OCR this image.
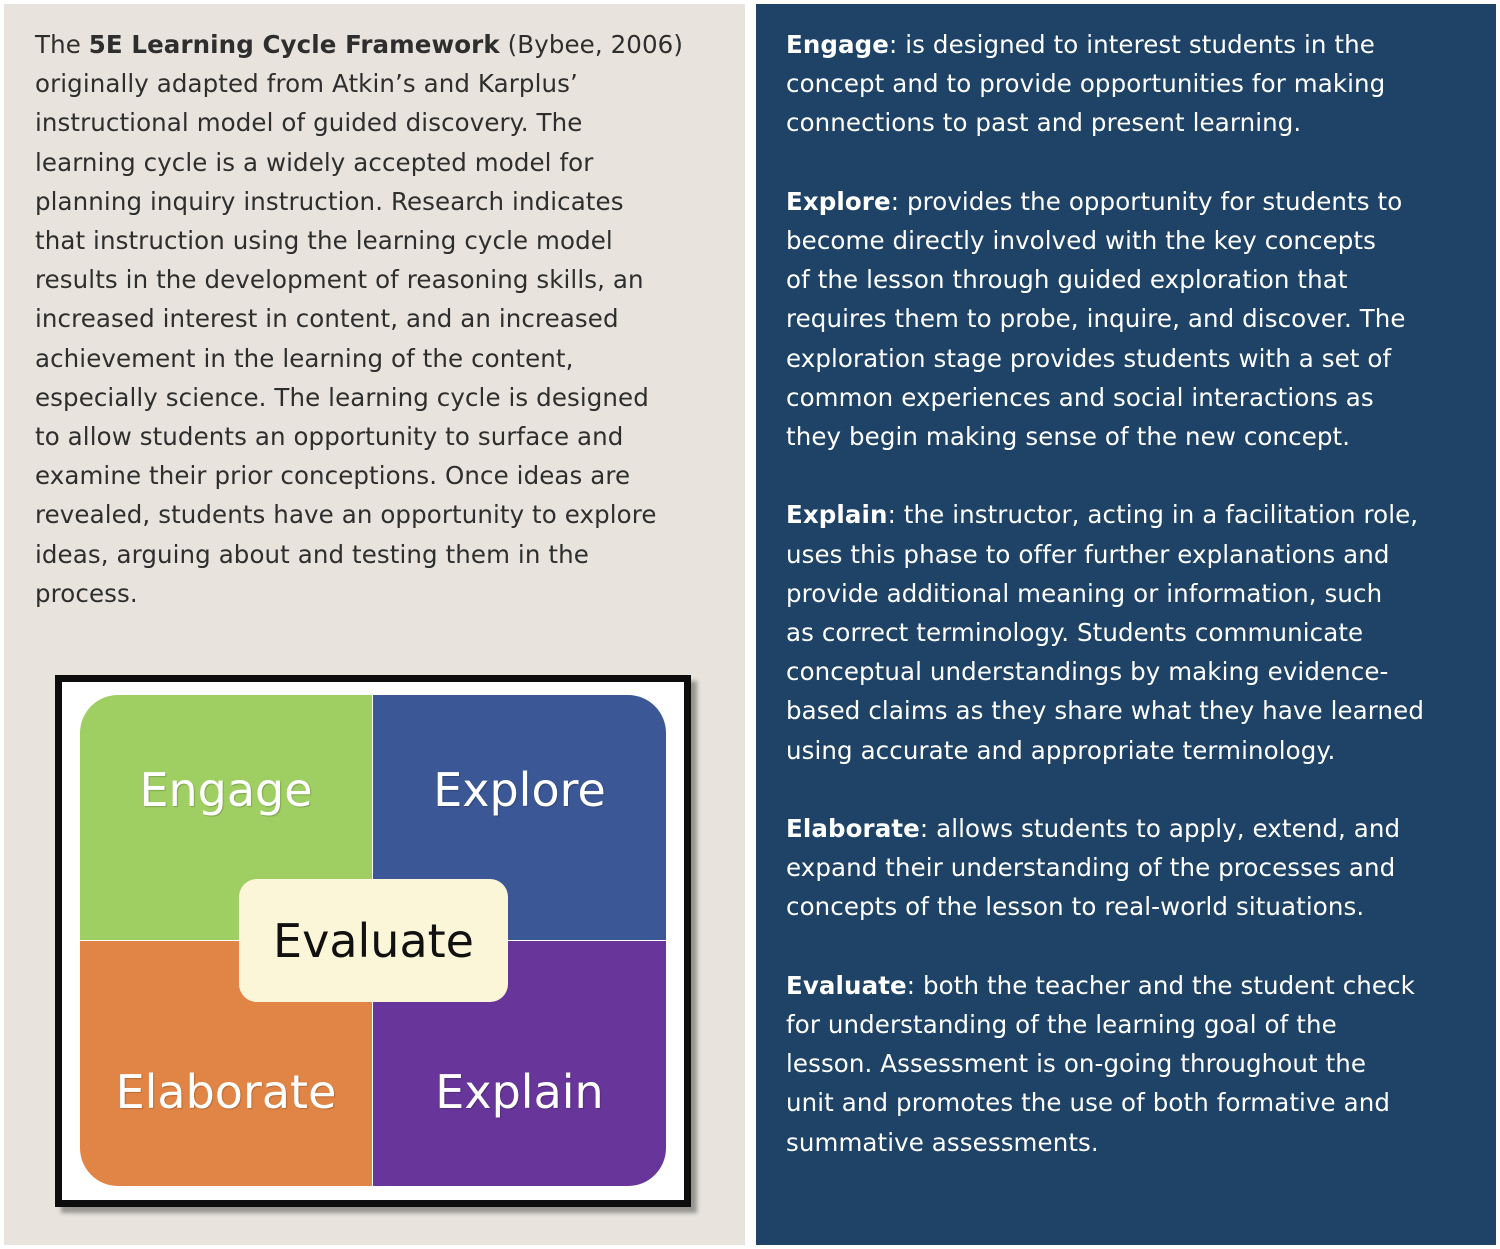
The 5E Learning Cycle Framework (Bybee, 2006)
originally adapted from Atkin’s and Karplus’
instructional model of guided discovery. The
learning cycle is a widely accepted model for
planning inquiry instruction. Research indicates
that instruction using the learning cycle model
results in the development of reasoning skills, an
increased interest in content, and an increased
achievement in the learning of the content,
especially science. The learning cycle is designed
to allow students an opportunity to surface and
examine their prior conceptions. Once ideas are
revealed, students have an opportunity to explore
ideas, arguing about and testing them in the
process.

Engage	Explore
Elaborate	Explain
Evaluate

Engage: is designed to interest students in the
concept and to provide opportunities for making
connections to past and present learning.

Explore: provides the opportunity for students to
become directly involved with the key concepts
of the lesson through guided exploration that
requires them to probe, inquire, and discover. The
exploration stage provides students with a set of
common experiences and social interactions as
they begin making sense of the new concept.

Explain: the instructor, acting in a facilitation role,
uses this phase to offer further explanations and
provide additional meaning or information, such
as correct terminology. Students communicate
conceptual understandings by making evidence-
based claims as they share what they have learned
using accurate and appropriate terminology.

Elaborate: allows students to apply, extend, and
expand their understanding of the processes and
concepts of the lesson to real-world situations.

Evaluate: both the teacher and the student check
for understanding of the learning goal of the
lesson. Assessment is on-going throughout the
unit and promotes the use of both formative and
summative assessments.
